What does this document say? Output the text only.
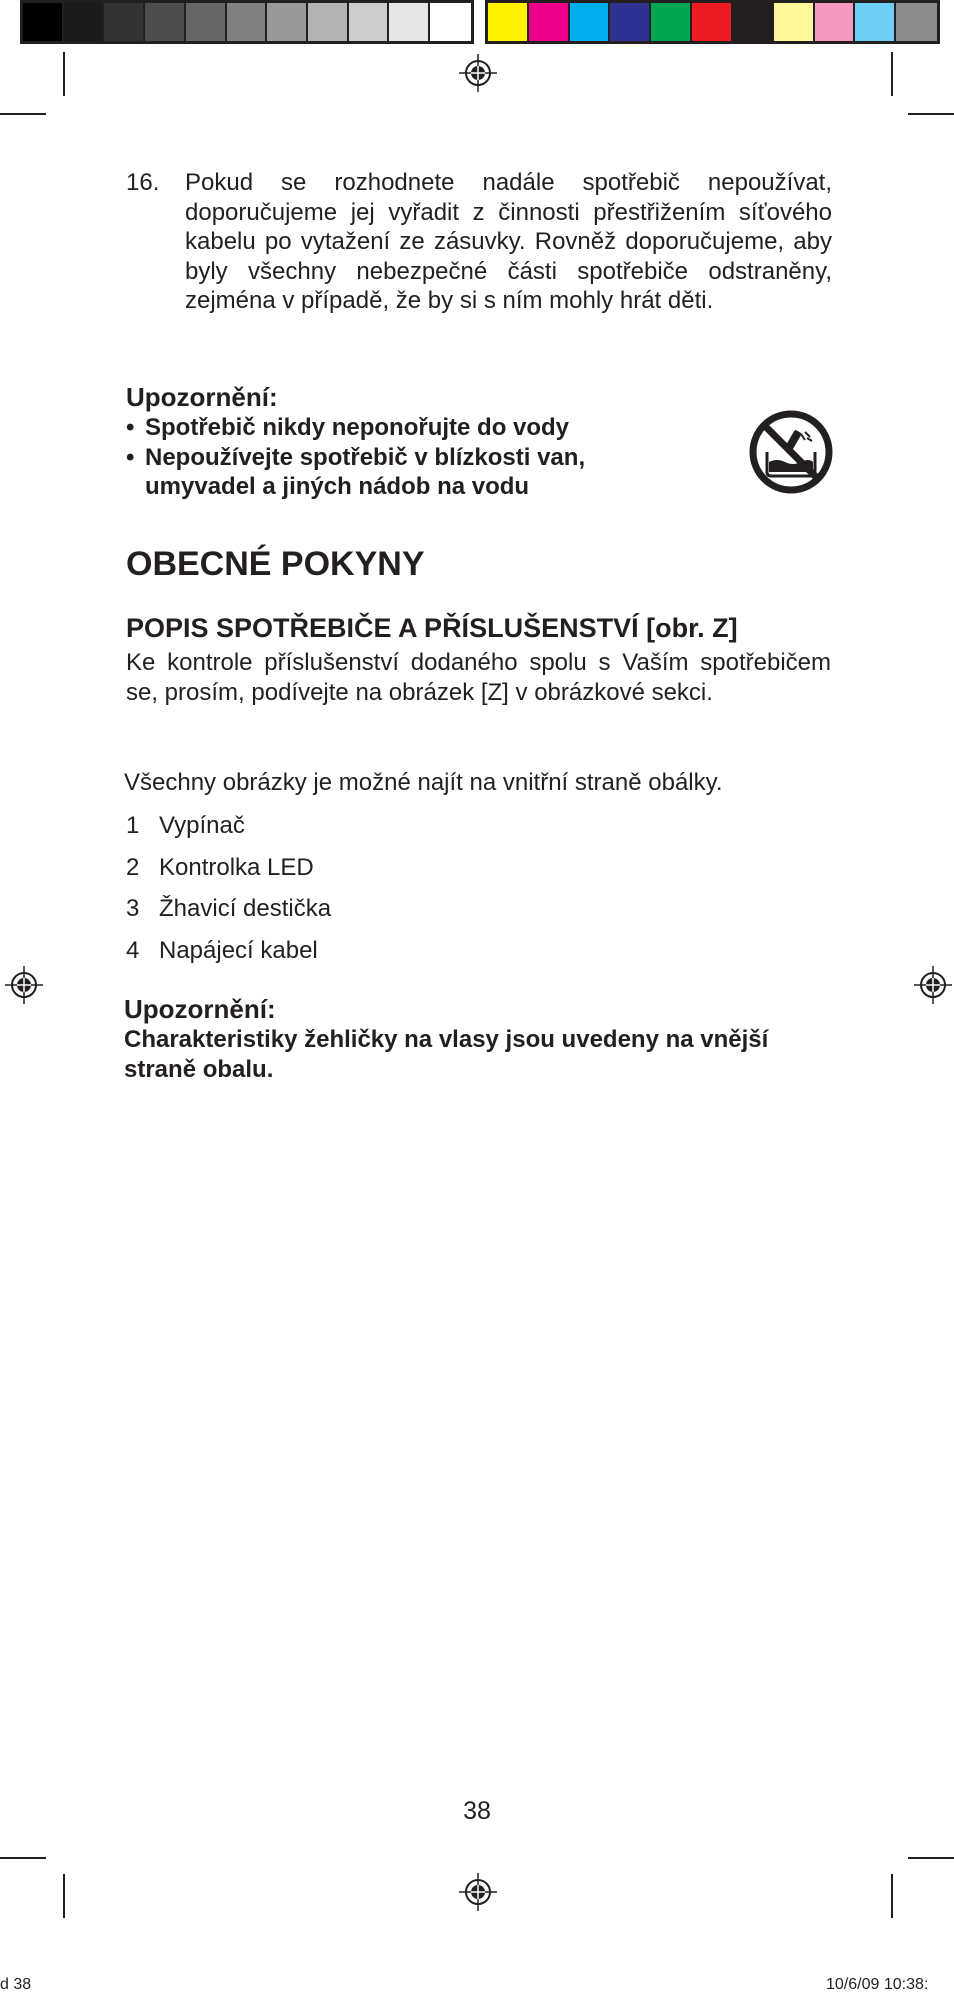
16.	Pokud se rozhodnete nadále spotřebič nepoužívat, doporučujeme jej vyřadit z činnosti přestřižením síťového kabelu po vytažení ze zásuvky. Rovněž doporučujeme, aby byly všechny nebezpečné části spotřebiče odstraněny, zejména v případě, že by si s ním mohly hrát děti.
Upozornění:
• Spotřebič nikdy neponořujte do vody
• Nepoužívejte spotřebič v blízkosti van, umyvadel a jiných nádob na vodu
OBECNÉ POKYNY
POPIS SPOTŘEBIČE A PŘÍSLUŠENSTVÍ [obr. Z]
Ke kontrole příslušenství dodaného spolu s Vaším spotřebičem se, prosím, podívejte na obrázek [Z] v obrázkové sekci.
Všechny obrázky je možné najít na vnitřní straně obálky.
1 Vypínač
2 Kontrolka LED
3 Žhavicí destička
4 Napájecí kabel
Upozornění:
Charakteristiky žehličky na vlasy jsou uvedeny na vnější straně obalu.
38
d 38	10/6/09 10:38:
